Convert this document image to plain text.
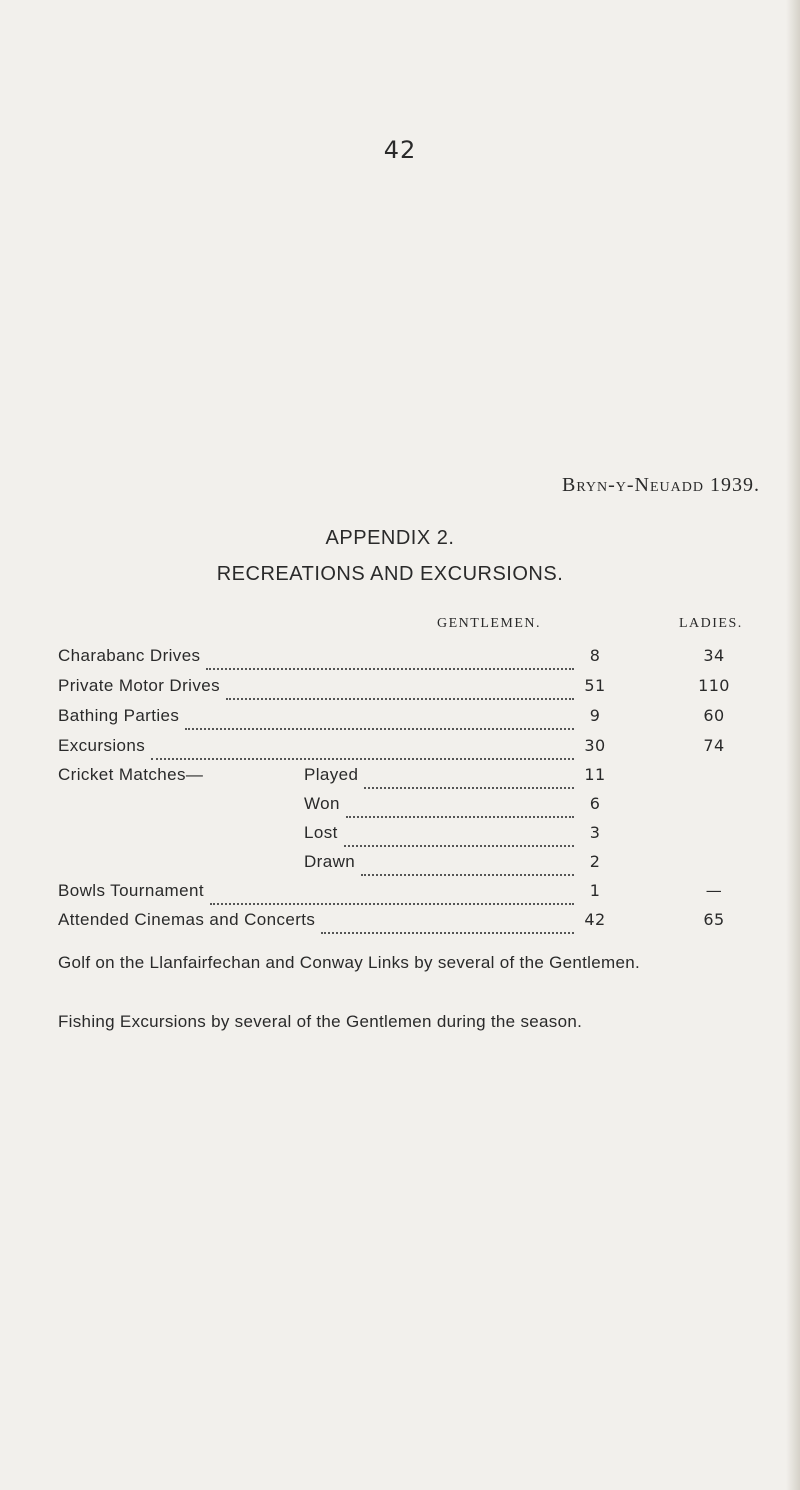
42
Bryn-y-Neuadd 1939.
APPENDIX 2.
RECREATIONS AND EXCURSIONS.
GENTLEMEN.	LADIES.
Charabanc Drives	8	34
Private Motor Drives	51	110
Bathing Parties	9	60
Excursions	30	74
Cricket Matches—	Played	11
Won	6
Lost	3
Drawn	2
Bowls Tournament	1	—
Attended Cinemas and Concerts	42	65
Golf on the Llanfairfechan and Conway Links by several of the Gentlemen.
Fishing Excursions by several of the Gentlemen during the season.
